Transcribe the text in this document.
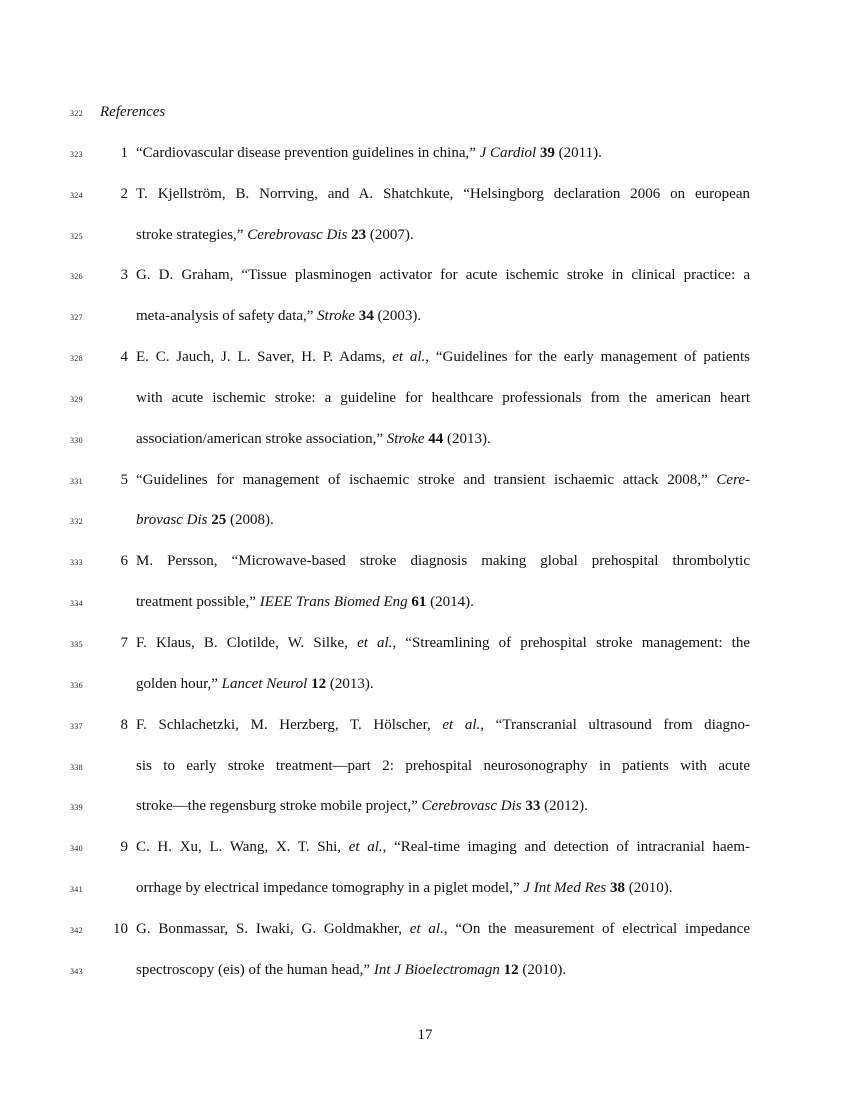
322	References
323	1 “Cardiovascular disease prevention guidelines in china,” J Cardiol 39 (2011).
324	2 T. Kjellström, B. Norrving, and A. Shatchkute, “Helsingborg declaration 2006 on european
325	stroke strategies,” Cerebrovasc Dis 23 (2007).
326	3 G. D. Graham, “Tissue plasminogen activator for acute ischemic stroke in clinical practice: a
327	meta-analysis of safety data,” Stroke 34 (2003).
328	4 E. C. Jauch, J. L. Saver, H. P. Adams, et al., “Guidelines for the early management of patients
329	with acute ischemic stroke: a guideline for healthcare professionals from the american heart
330	association/american stroke association,” Stroke 44 (2013).
331	5 “Guidelines for management of ischaemic stroke and transient ischaemic attack 2008,” Cere-
332	brovasc Dis 25 (2008).
333	6 M. Persson, “Microwave-based stroke diagnosis making global prehospital thrombolytic
334	treatment possible,” IEEE Trans Biomed Eng 61 (2014).
335	7 F. Klaus, B. Clotilde, W. Silke, et al., “Streamlining of prehospital stroke management: the
336	golden hour,” Lancet Neurol 12 (2013).
337	8 F. Schlachetzki, M. Herzberg, T. Hölscher, et al., “Transcranial ultrasound from diagno-
338	sis to early stroke treatment—part 2: prehospital neurosonography in patients with acute
339	stroke—the regensburg stroke mobile project,” Cerebrovasc Dis 33 (2012).
340	9 C. H. Xu, L. Wang, X. T. Shi, et al., “Real-time imaging and detection of intracranial haem-
341	orrhage by electrical impedance tomography in a piglet model,” J Int Med Res 38 (2010).
342	10 G. Bonmassar, S. Iwaki, G. Goldmakher, et al., “On the measurement of electrical impedance
343	spectroscopy (eis) of the human head,” Int J Bioelectromagn 12 (2010).
17
